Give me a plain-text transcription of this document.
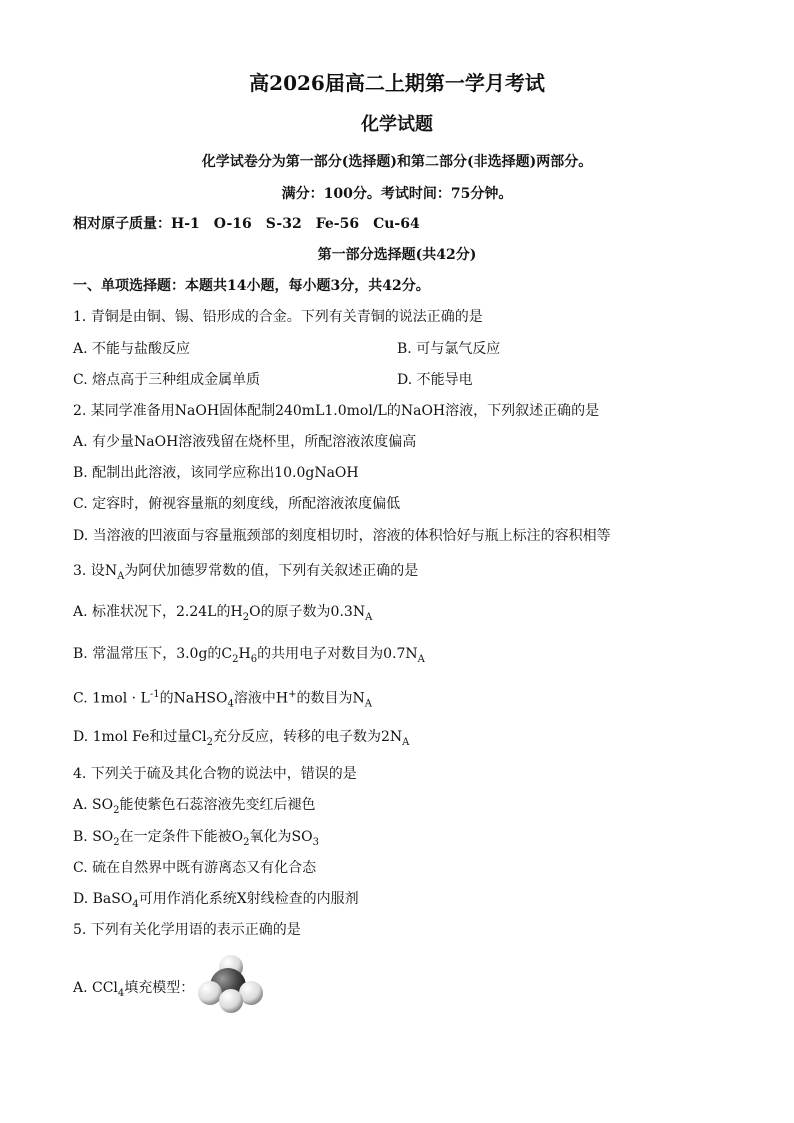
高2026届高二上期第一学月考试
化学试题
化学试卷分为第一部分(选择题)和第二部分(非选择题)两部分。
满分：100分。考试时间：75分钟。
相对原子质量：H-1　O-16　S-32　Fe-56　Cu-64
第一部分选择题(共42分)
一、单项选择题：本题共14小题，每小题3分，共42分。
1. 青铜是由铜、锡、铅形成的合金。下列有关青铜的说法正确的是
A. 不能与盐酸反应	B. 可与氯气反应
C. 熔点高于三种组成金属单质	D. 不能导电
2. 某同学准备用NaOH固体配制240mL1.0mol/L的NaOH溶液，下列叙述正确的是
A. 有少量NaOH溶液残留在烧杯里，所配溶液浓度偏高
B. 配制出此溶液，该同学应称出10.0gNaOH
C. 定容时，俯视容量瓶的刻度线，所配溶液浓度偏低
D. 当溶液的凹液面与容量瓶颈部的刻度相切时，溶液的体积恰好与瓶上标注的容积相等
3. 设$N_A$为阿伏加德罗常数的值，下列有关叙述正确的是
A. 标准状况下，2.24L的$H_2O$的原子数为$0.3N_A$
B. 常温常压下，3.0g的$C_2H_6$的共用电子对数目为$0.7N_A$
C. $1mol \cdot L^{-1}$的NaHSO$_4$溶液中H+的数目为$N_A$
D. 1mol Fe和过量$Cl_2$充分反应，转移的电子数为$2N_A$
4. 下列关于硫及其化合物的说法中，错误的是
A. $SO_2$能使紫色石蕊溶液先变红后褪色
B. $SO_2$在一定条件下能被$O_2$氧化为$SO_3$
C. 硫在自然界中既有游离态又有化合态
D. BaSO$_4$可用作消化系统X射线检查的内服剂
5. 下列有关化学用语的表示正确的是
A. CCl$_4$填充模型：
